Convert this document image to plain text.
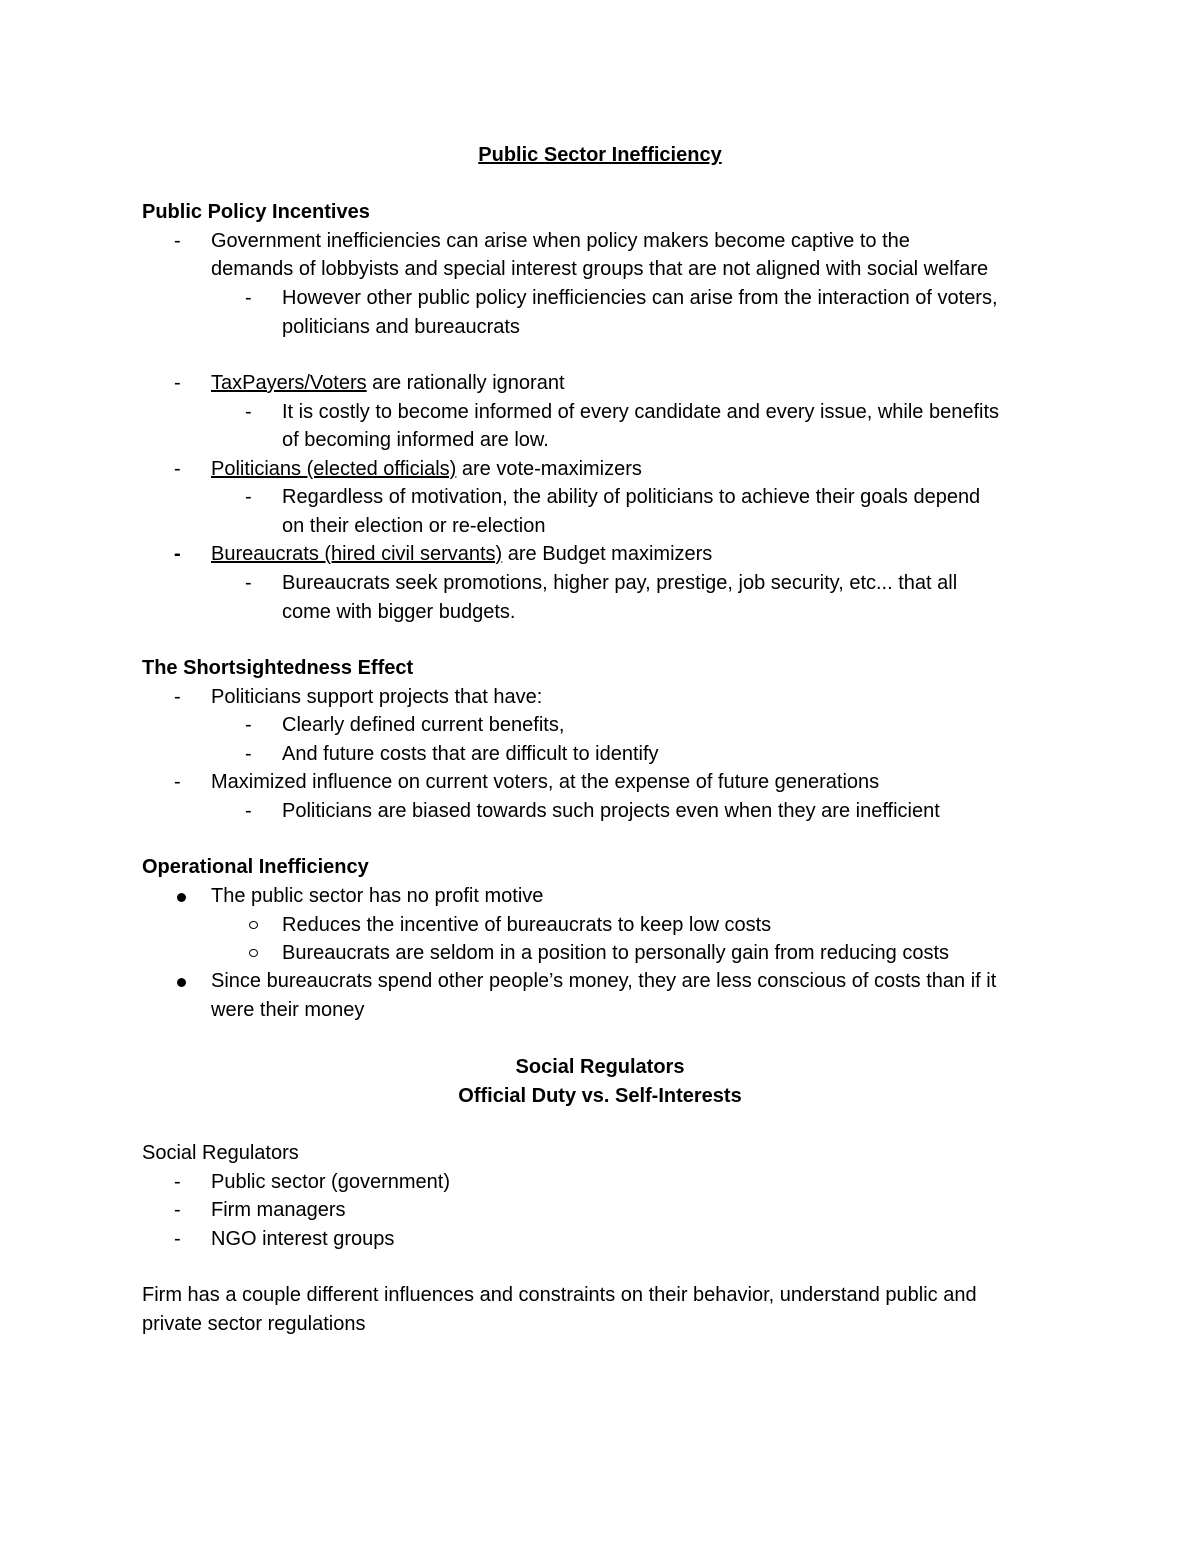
Public Sector Inefficiency
Public Policy Incentives
- Government inefficiencies can arise when policy makers become captive to the
demands of lobbyists and special interest groups that are not aligned with social welfare
- However other public policy inefficiencies can arise from the interaction of voters,
politicians and bureaucrats
- TaxPayers/Voters are rationally ignorant
- It is costly to become informed of every candidate and every issue, while benefits
of becoming informed are low.
- Politicians (elected officials) are vote-maximizers
- Regardless of motivation, the ability of politicians to achieve their goals depend
on their election or re-election
- Bureaucrats (hired civil servants) are Budget maximizers
- Bureaucrats seek promotions, higher pay, prestige, job security, etc... that all
come with bigger budgets.
The Shortsightedness Effect
- Politicians support projects that have:
- Clearly defined current benefits,
- And future costs that are difficult to identify
- Maximized influence on current voters, at the expense of future generations
- Politicians are biased towards such projects even when they are inefficient
Operational Inefficiency
The public sector has no profit motive
Reduces the incentive of bureaucrats to keep low costs
Bureaucrats are seldom in a position to personally gain from reducing costs
Since bureaucrats spend other people’s money, they are less conscious of costs than if it
were their money
Social Regulators
Official Duty vs. Self-Interests
Social Regulators
- Public sector (government)
- Firm managers
- NGO interest groups
Firm has a couple different influences and constraints on their behavior, understand public and
private sector regulations
